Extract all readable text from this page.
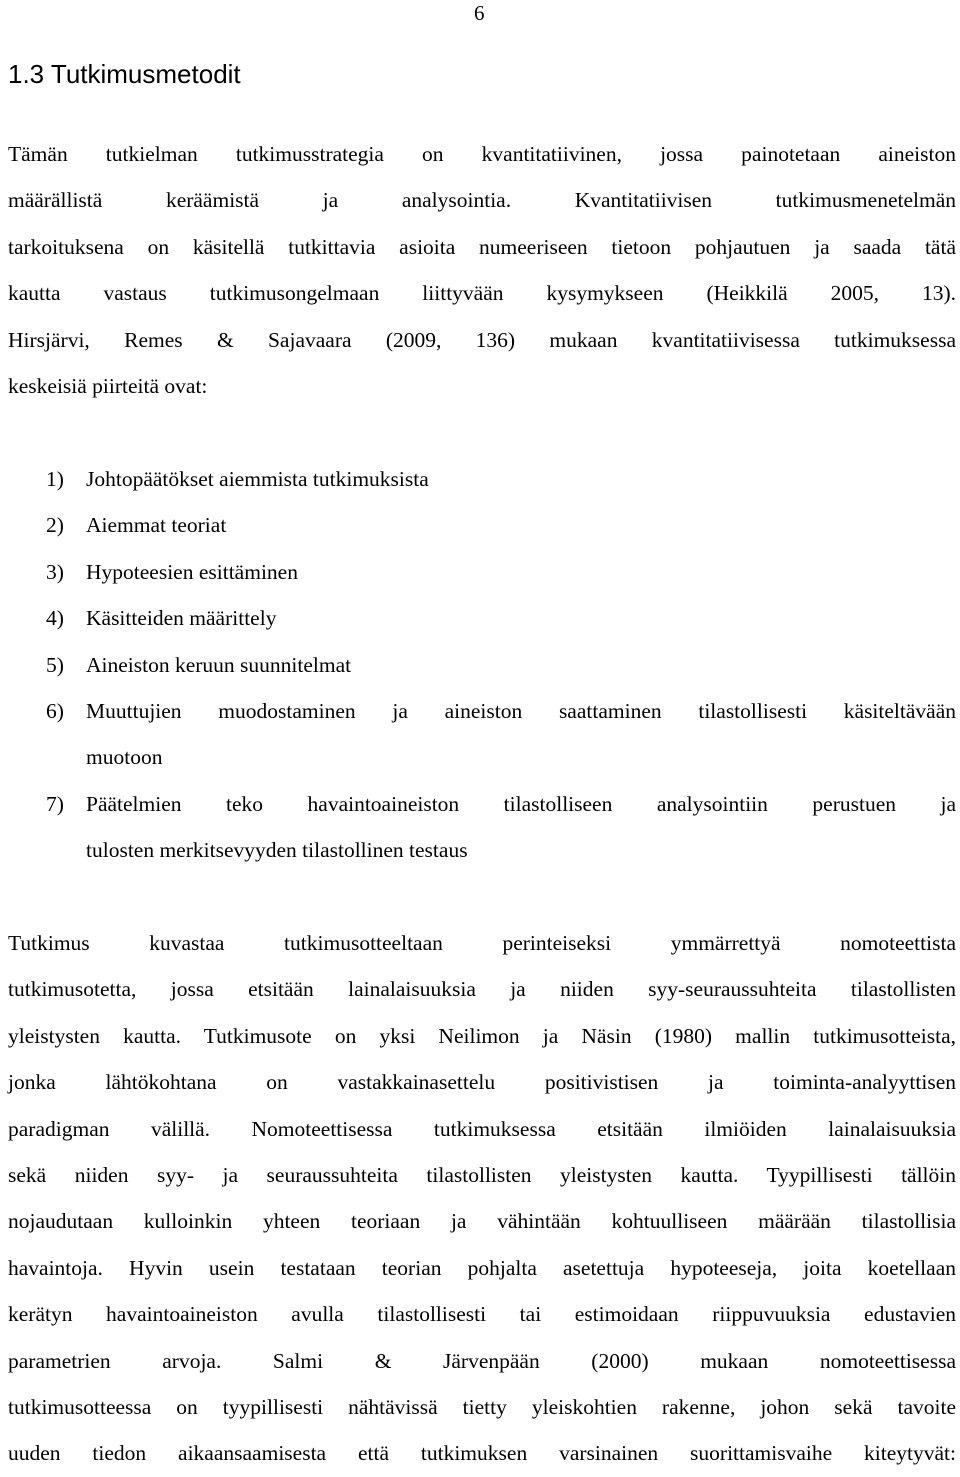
6
1.3 Tutkimusmetodit

Tämän tutkielman tutkimusstrategia on kvantitatiivinen, jossa painotetaan aineiston
määrällistä keräämistä ja analysointia. Kvantitatiivisen tutkimusmenetelmän
tarkoituksena on käsitellä tutkittavia asioita numeeriseen tietoon pohjautuen ja saada tätä
kautta vastaus tutkimusongelmaan liittyvään kysymykseen (Heikkilä 2005, 13).
Hirsjärvi, Remes & Sajavaara (2009, 136) mukaan kvantitatiivisessa tutkimuksessa
keskeisiä piirteitä ovat:

1) Johtopäätökset aiemmista tutkimuksista
2) Aiemmat teoriat
3) Hypoteesien esittäminen
4) Käsitteiden määrittely
5) Aineiston keruun suunnitelmat
6) Muuttujien muodostaminen ja aineiston saattaminen tilastollisesti käsiteltävään
muotoon
7) Päätelmien teko havaintoaineiston tilastolliseen analysointiin perustuen ja
tulosten merkitsevyyden tilastollinen testaus

Tutkimus kuvastaa tutkimusotteeltaan perinteiseksi ymmärrettyä nomoteettista
tutkimusotetta, jossa etsitään lainalaisuuksia ja niiden syy-seuraussuhteita tilastollisten
yleistysten kautta. Tutkimusote on yksi Neilimon ja Näsin (1980) mallin tutkimusotteista,
jonka lähtökohtana on vastakkainasettelu positivistisen ja toiminta-analyyttisen
paradigman välillä. Nomoteettisessa tutkimuksessa etsitään ilmiöiden lainalaisuuksia
sekä niiden syy- ja seuraussuhteita tilastollisten yleistysten kautta. Tyypillisesti tällöin
nojaudutaan kulloinkin yhteen teoriaan ja vähintään kohtuulliseen määrään tilastollisia
havaintoja. Hyvin usein testataan teorian pohjalta asetettuja hypoteeseja, joita koetellaan
kerätyn havaintoaineiston avulla tilastollisesti tai estimoidaan riippuvuuksia edustavien
parametrien arvoja. Salmi & Järvenpään (2000) mukaan nomoteettisessa
tutkimusotteessa on tyypillisesti nähtävissä tietty yleiskohtien rakenne, johon sekä tavoite
uuden tiedon aikaansaamisesta että tutkimuksen varsinainen suorittamisvaihe kiteytyvät:
